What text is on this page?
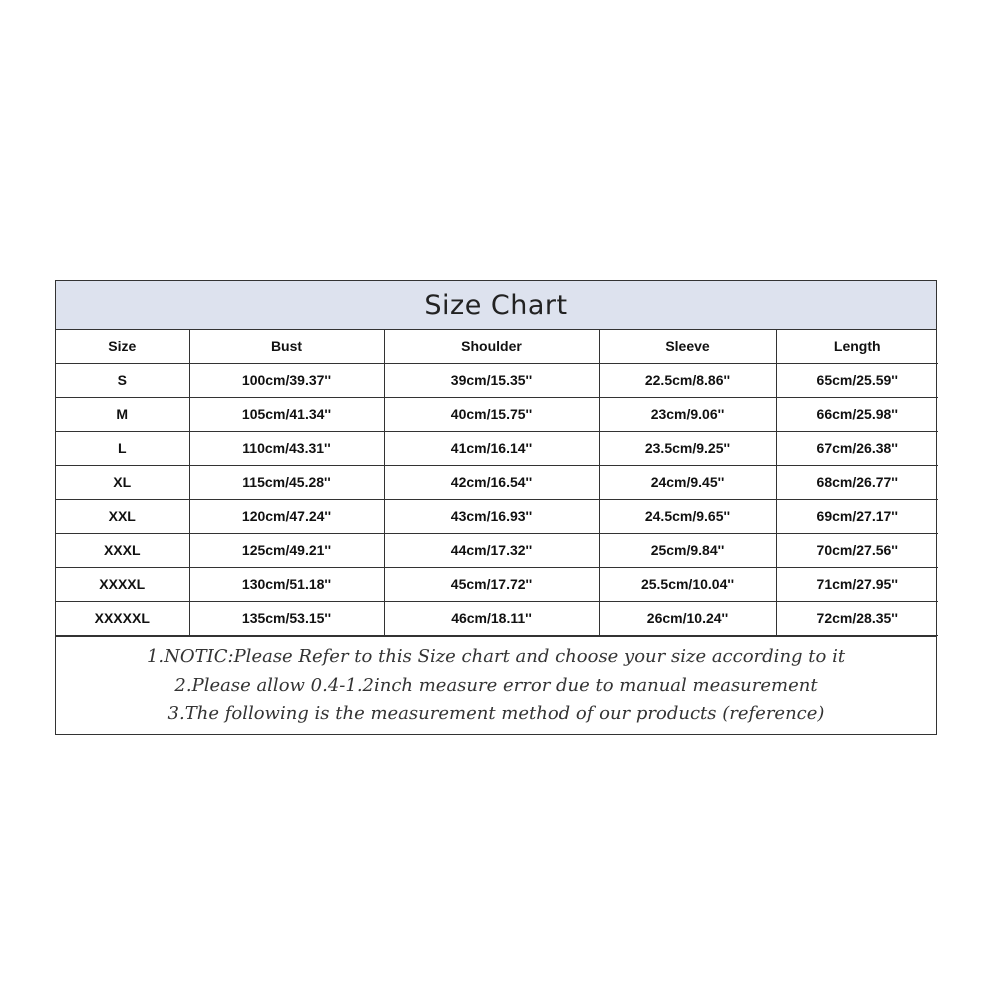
Size Chart
Size	Bust	Shoulder	Sleeve	Length
S	100cm/39.37''	39cm/15.35''	22.5cm/8.86''	65cm/25.59''
M	105cm/41.34''	40cm/15.75''	23cm/9.06''	66cm/25.98''
L	110cm/43.31''	41cm/16.14''	23.5cm/9.25''	67cm/26.38''
XL	115cm/45.28''	42cm/16.54''	24cm/9.45''	68cm/26.77''
XXL	120cm/47.24''	43cm/16.93''	24.5cm/9.65''	69cm/27.17''
XXXL	125cm/49.21''	44cm/17.32''	25cm/9.84''	70cm/27.56''
XXXXL	130cm/51.18''	45cm/17.72''	25.5cm/10.04''	71cm/27.95''
XXXXXL	135cm/53.15''	46cm/18.11''	26cm/10.24''	72cm/28.35''
1.NOTIC:Please Refer to this Size chart and choose your size according to it
2.Please allow 0.4-1.2inch measure error due to manual measurement
3.The following is the measurement method of our products (reference)
